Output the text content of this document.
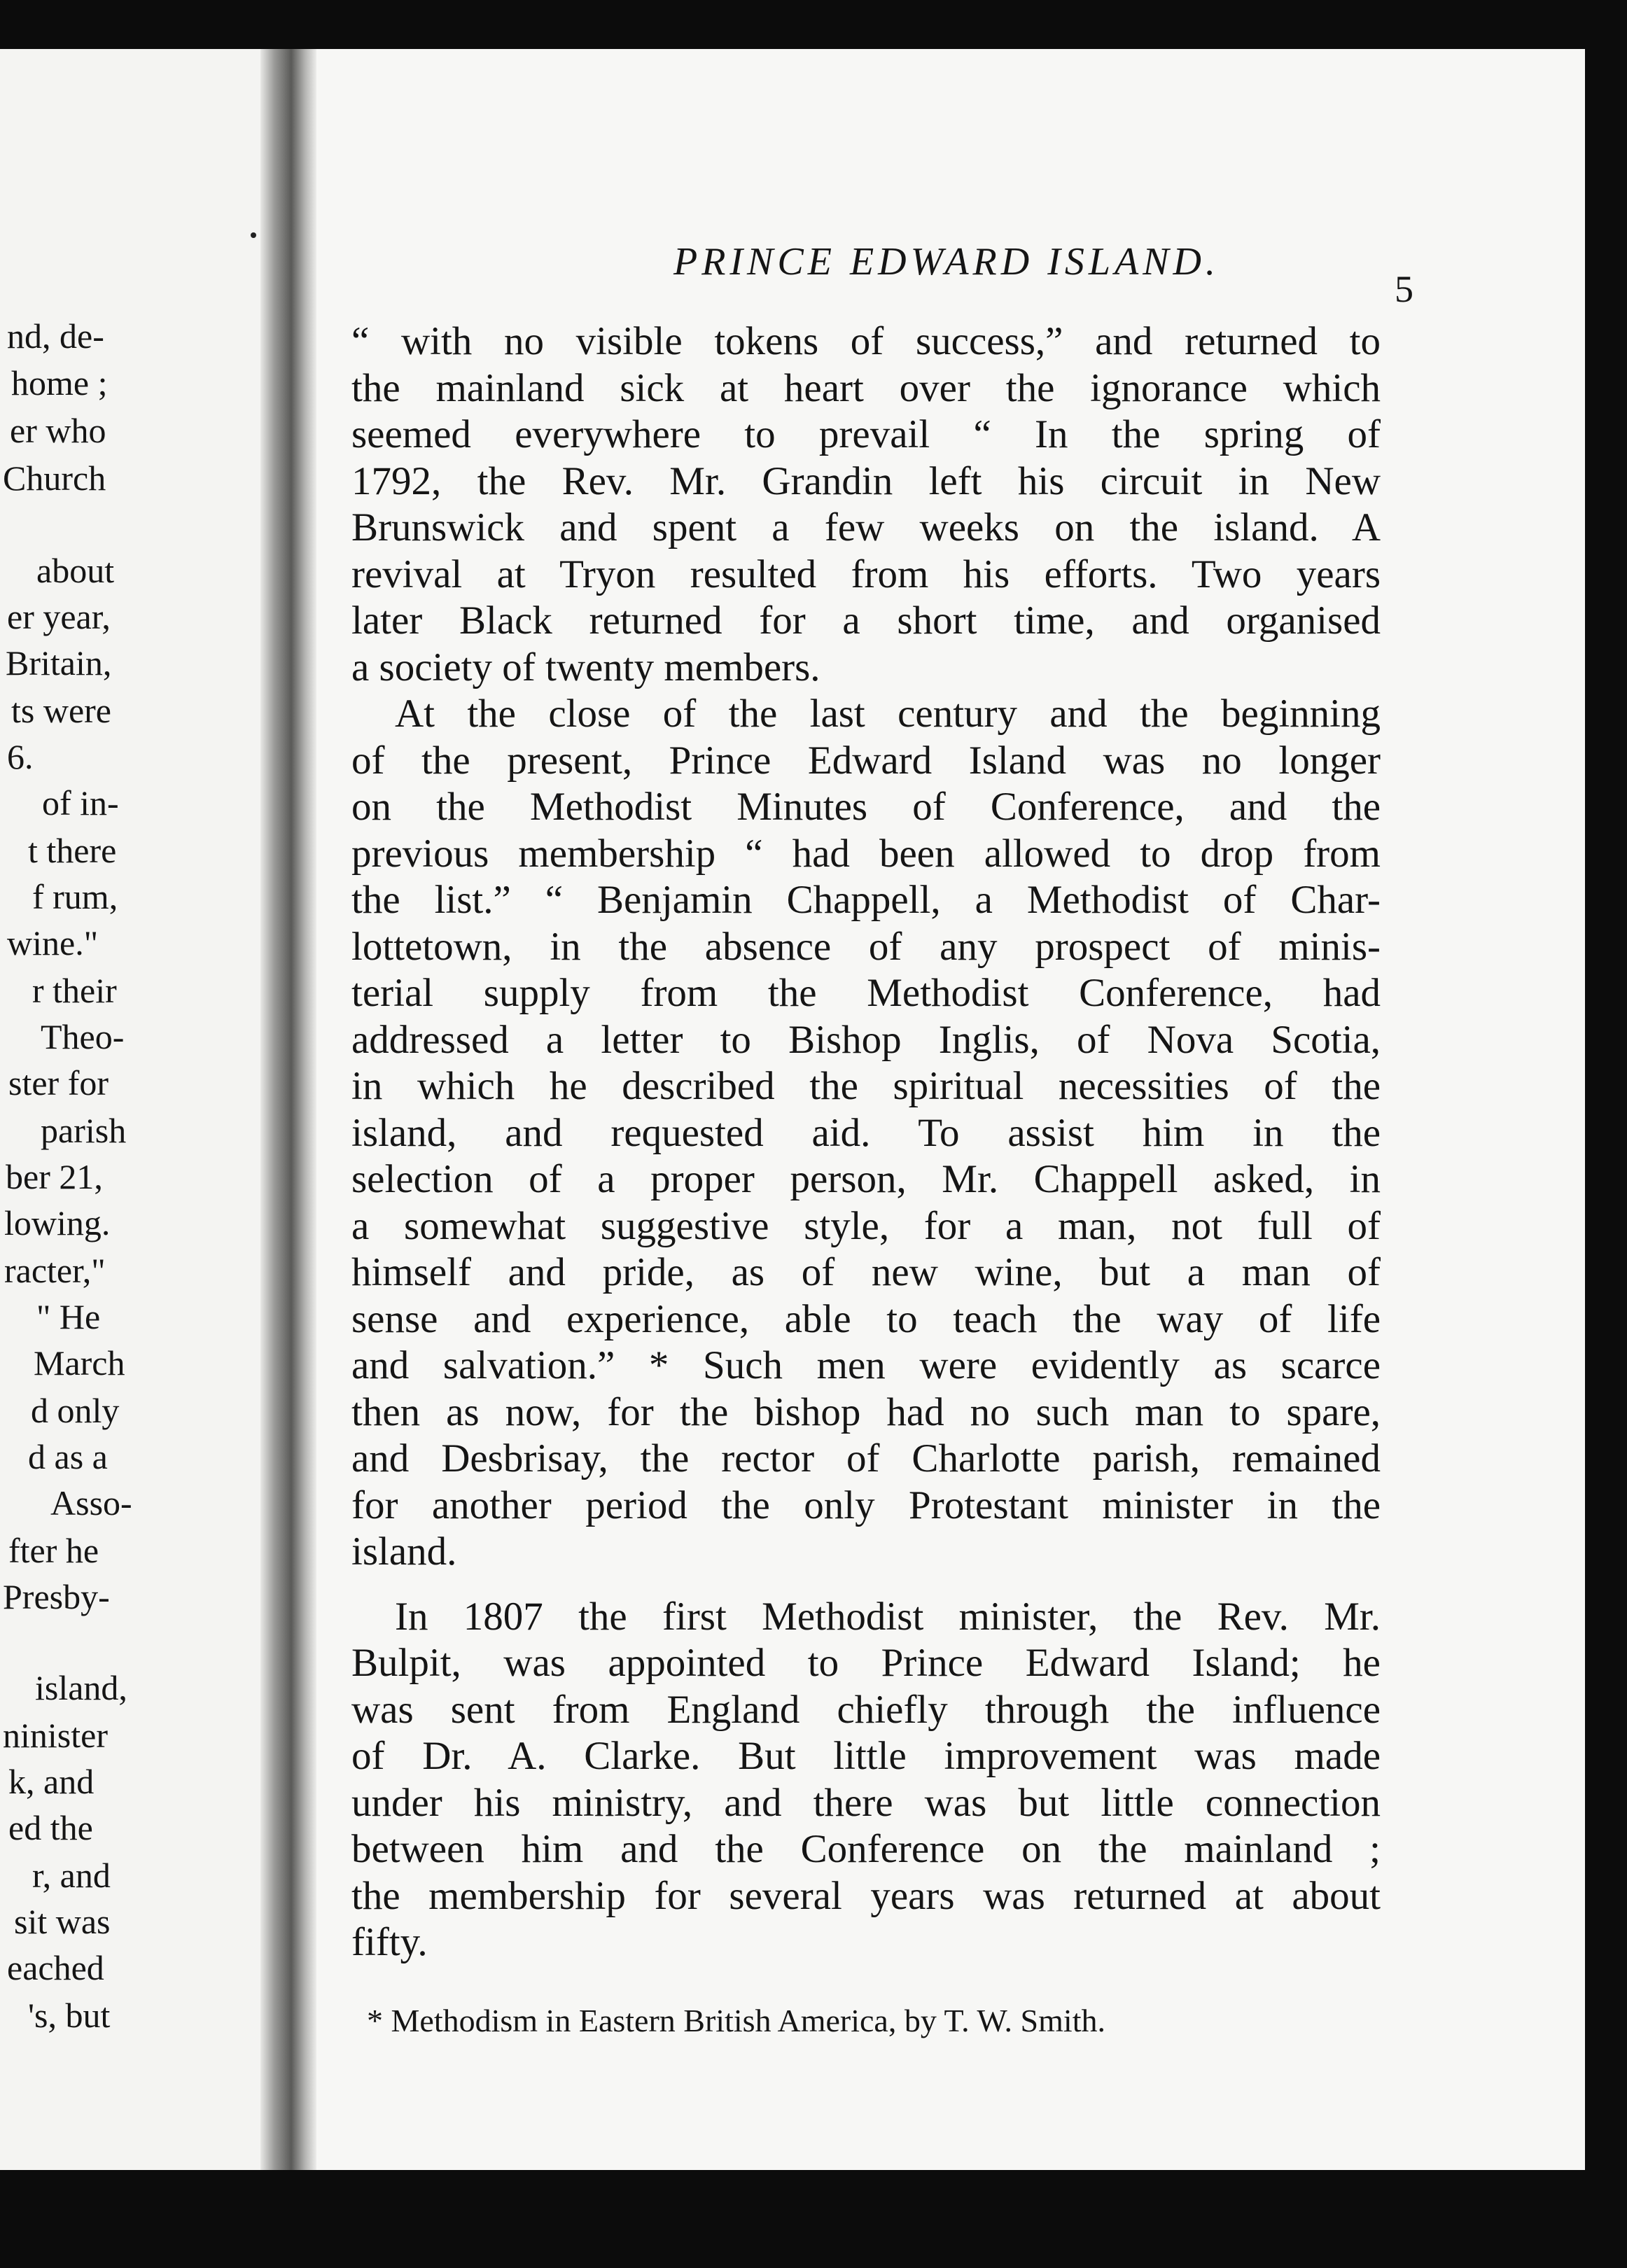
nd, de-
home ;
er who
Church
about
er year,
Britain,
ts were
6.
of in-
t there
f rum,
wine."
r their
Theo-
ster for
parish
ber 21,
lowing.
racter,"
" He
March
d only
d as a
Asso-
fter he
Presby-
island,
ninister
k, and
ed the
r, and
sit was
eached
's, but
PRINCE EDWARD ISLAND.
5
“ with no visible tokens of success,” and returned to
the mainland sick at heart over the ignorance which
seemed everywhere to prevail “ In the spring of
1792, the Rev. Mr. Grandin left his circuit in New
Brunswick and spent a few weeks on the island. A
revival at Tryon resulted from his efforts. Two years
later Black returned for a short time, and organised
a society of twenty members.
At the close of the last century and the beginning
of the present, Prince Edward Island was no longer
on the Methodist Minutes of Conference, and the
previous membership “ had been allowed to drop from
the list.” “ Benjamin Chappell, a Methodist of Char-
lottetown, in the absence of any prospect of minis-
terial supply from the Methodist Conference, had
addressed a letter to Bishop Inglis, of Nova Scotia,
in which he described the spiritual necessities of the
island, and requested aid. To assist him in the
selection of a proper person, Mr. Chappell asked, in
a somewhat suggestive style, for a man, not full of
himself and pride, as of new wine, but a man of
sense and experience, able to teach the way of life
and salvation.” * Such men were evidently as scarce
then as now, for the bishop had no such man to spare,
and Desbrisay, the rector of Charlotte parish, remained
for another period the only Protestant minister in the
island.
In 1807 the first Methodist minister, the Rev. Mr.
Bulpit, was appointed to Prince Edward Island; he
was sent from England chiefly through the influence
of Dr. A. Clarke. But little improvement was made
under his ministry, and there was but little connection
between him and the Conference on the mainland ;
the membership for several years was returned at about
fifty.
* Methodism in Eastern British America, by T. W. Smith.
